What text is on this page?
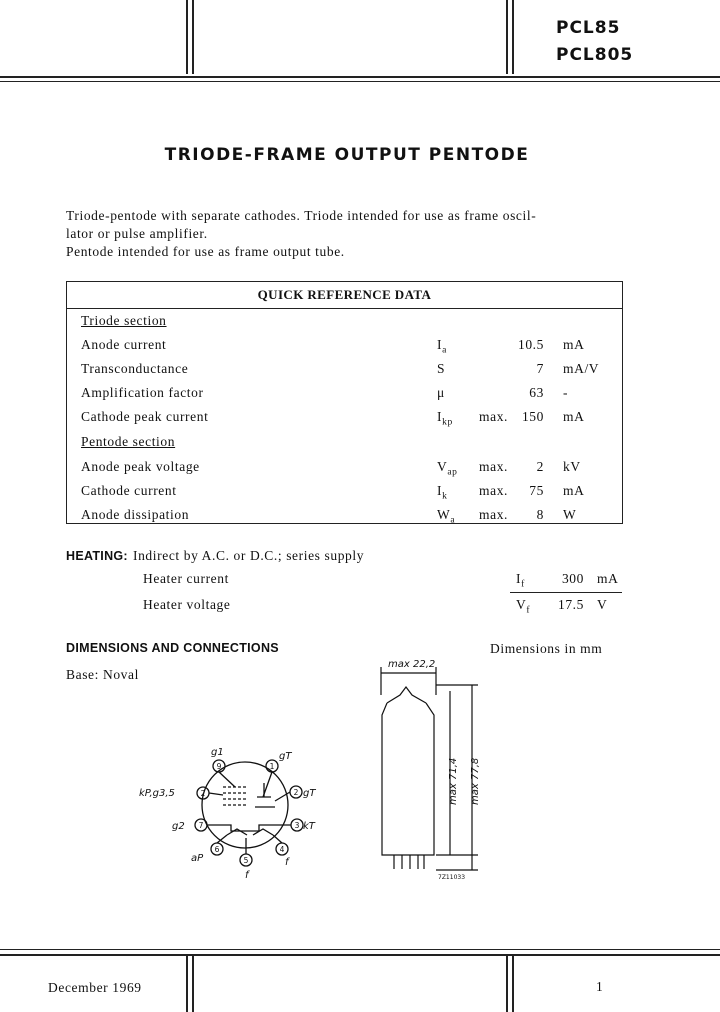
PCL85
PCL805
TRIODE-FRAME OUTPUT PENTODE
Triode-pentode with separate cathodes. Triode intended for use as frame oscil-
lator or pulse amplifier.
Pentode intended for use as frame output tube.
QUICK REFERENCE DATA
Triode section
Anode current	$I_a$	10.5 mA
Transconductance	S	7 mA/V
Amplification factor	μ	63 -
Cathode peak current	$I_{kp}$ max. 150 mA
Pentode section
Anode peak voltage	$V_{ap}$ max. 2 kV
Cathode current	$I_k$ max. 75 mA
Anode dissipation	$W_a$ max. 8 W
HEATING: Indirect by A.C. or D.C.; series supply
Heater current	$I_f$	300 mA
Heater voltage	$V_f$	17.5 V
DIMENSIONS AND CONNECTIONS	Dimensions in mm
Base: Noval
g1	gT
kP,g3,5	gT
g2	kT
aP
f
f
9	1
2	2
7	3
6
5
4
max 22,2
max 71,4 max 77,8
7Z11033
December 1969	1
